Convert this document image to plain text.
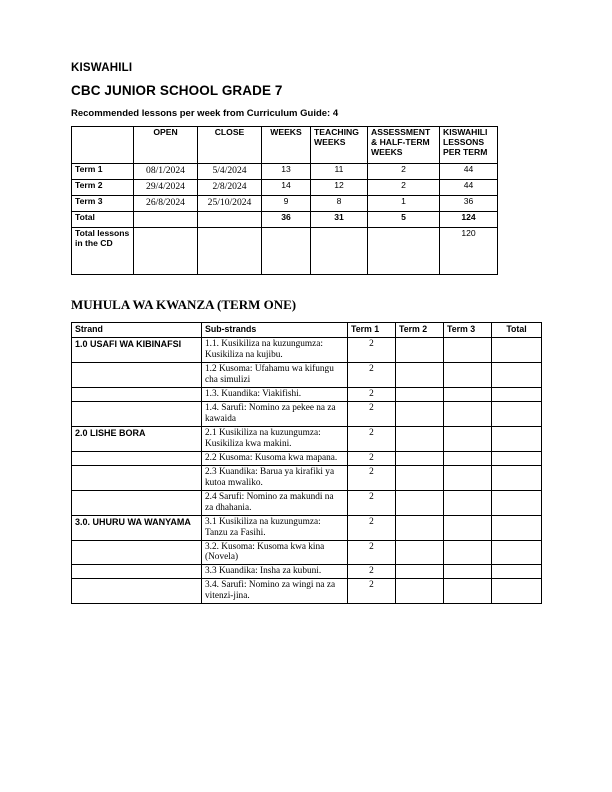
KISWAHILI
CBC JUNIOR SCHOOL GRADE 7
Recommended lessons per week from Curriculum Guide: 4
	OPEN	CLOSE	WEEKS	TEACHING WEEKS	ASSESSMENT & HALF-TERM WEEKS	KISWAHILI LESSONS PER TERM
Term 1	08/1/2024	5/4/2024	13	11	2	44
Term 2	29/4/2024	2/8/2024	14	12	2	44
Term 3	26/8/2024	25/10/2024	9	8	1	36
Total			36	31	5	124
Total lessons in the CD						120
MUHULA WA KWANZA (TERM ONE)
Strand	Sub-strands	Term 1	Term 2	Term 3	Total
1.0 USAFI WA KIBINAFSI	1.1. Kusikiliza na kuzungumza: Kusikiliza na kujibu.	2			
	1.2 Kusoma: Ufahamu wa kifungu cha simulizi	2			
	1.3. Kuandika: Viakifishi.	2			
	1.4. Sarufi: Nomino za pekee na za kawaida	2			
2.0 LISHE BORA	2.1 Kusikiliza na kuzungumza: Kusikiliza kwa makini.	2			
	2.2 Kusoma: Kusoma kwa mapana.	2			
	2.3 Kuandika: Barua ya kirafiki ya kutoa mwaliko.	2			
	2.4 Sarufi: Nomino za makundi na za dhahania.	2			
3.0. UHURU WA WANYAMA	3.1 Kusikiliza na kuzungumza: Tanzu za Fasihi.	2			
	3.2. Kusoma: Kusoma kwa kina (Novela)	2			
	3.3 Kuandika: Insha za kubuni.	2			
	3.4. Sarufi: Nomino za wingi na za vitenzi-jina.	2			
